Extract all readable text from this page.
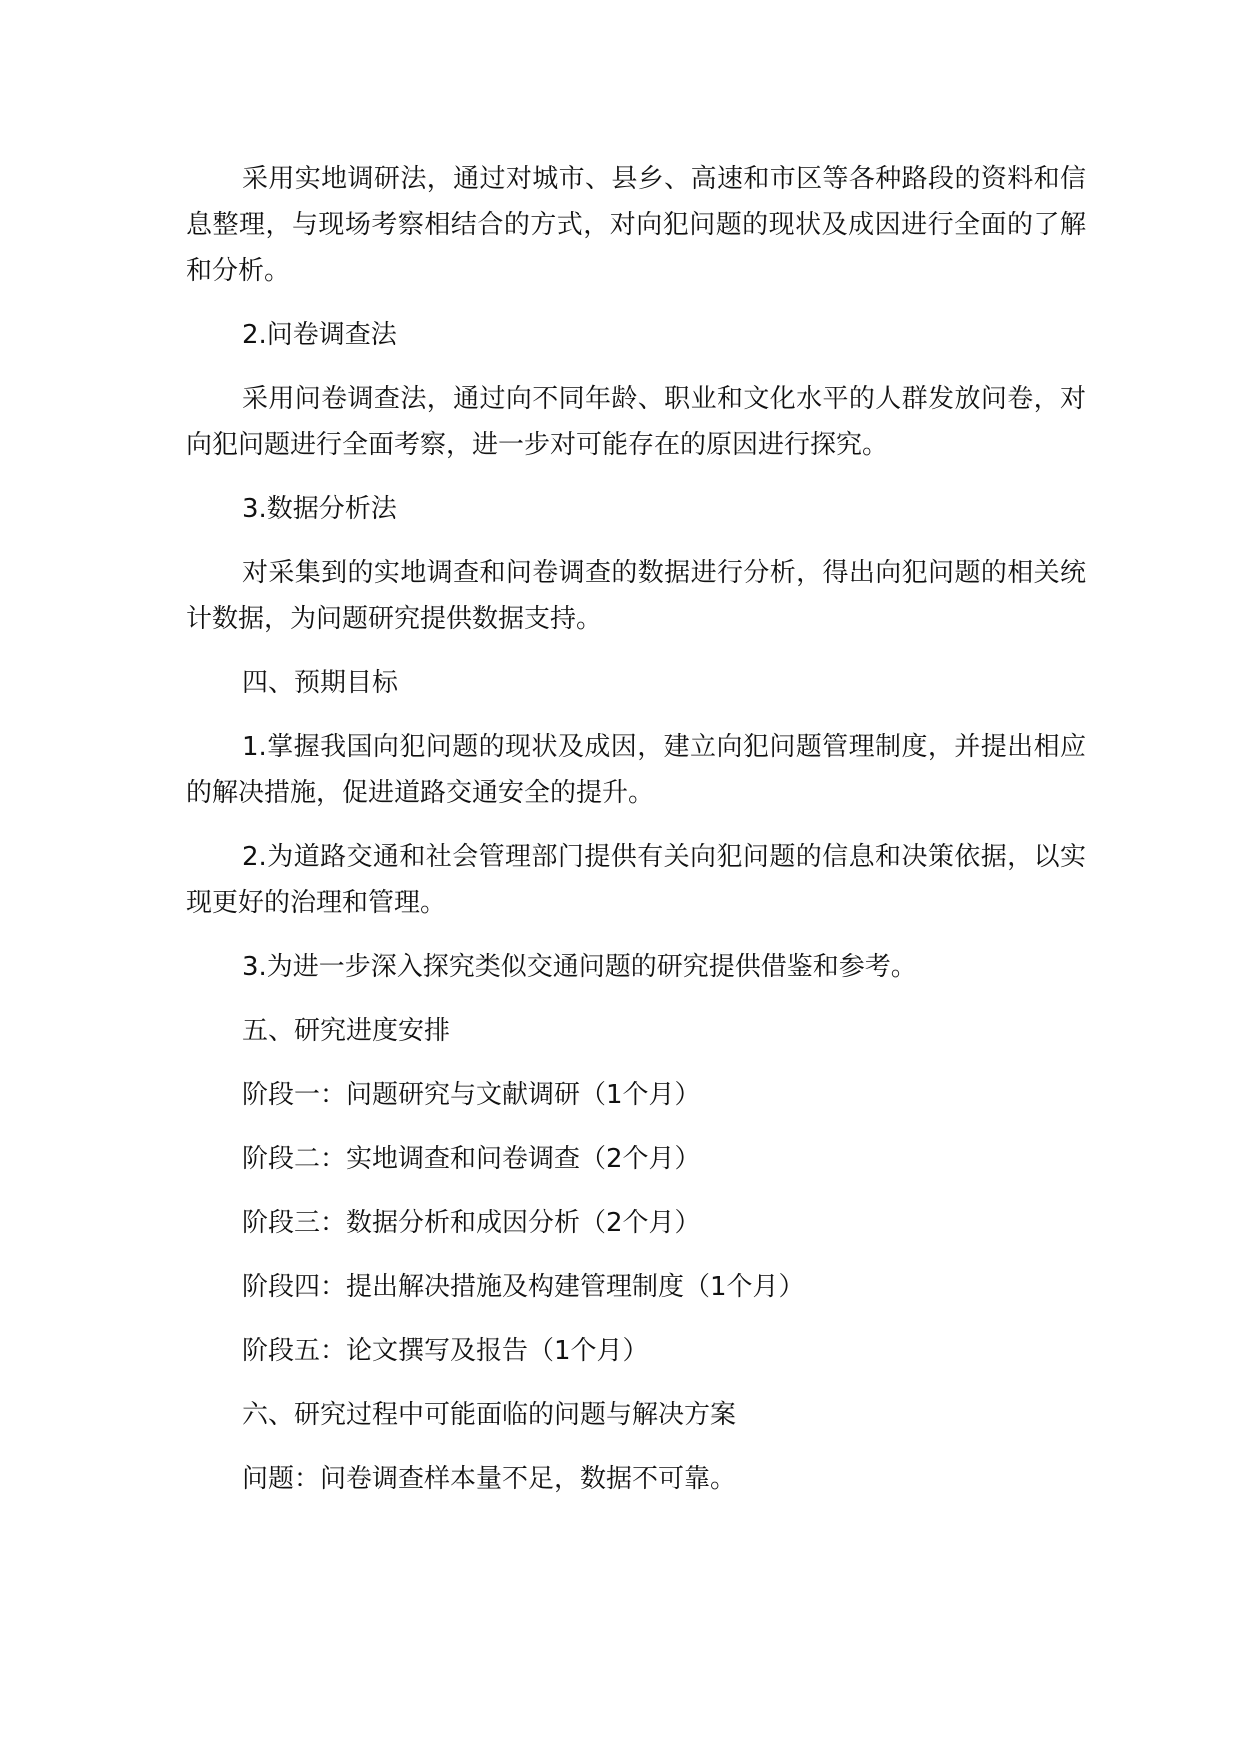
采用实地调研法，通过对城市、县乡、高速和市区等各种路段的资料和信息整理，与现场考察相结合的方式，对向犯问题的现状及成因进行全面的了解和分析。

2.问卷调查法

采用问卷调查法，通过向不同年龄、职业和文化水平的人群发放问卷，对向犯问题进行全面考察，进一步对可能存在的原因进行探究。

3.数据分析法

对采集到的实地调查和问卷调查的数据进行分析，得出向犯问题的相关统计数据，为问题研究提供数据支持。

四、预期目标

1.掌握我国向犯问题的现状及成因，建立向犯问题管理制度，并提出相应的解决措施，促进道路交通安全的提升。

2.为道路交通和社会管理部门提供有关向犯问题的信息和决策依据，以实现更好的治理和管理。

3.为进一步深入探究类似交通问题的研究提供借鉴和参考。

五、研究进度安排

阶段一：问题研究与文献调研（1个月）

阶段二：实地调查和问卷调查（2个月）

阶段三：数据分析和成因分析（2个月）

阶段四：提出解决措施及构建管理制度（1个月）

阶段五：论文撰写及报告（1个月）

六、研究过程中可能面临的问题与解决方案

问题：问卷调查样本量不足，数据不可靠。
